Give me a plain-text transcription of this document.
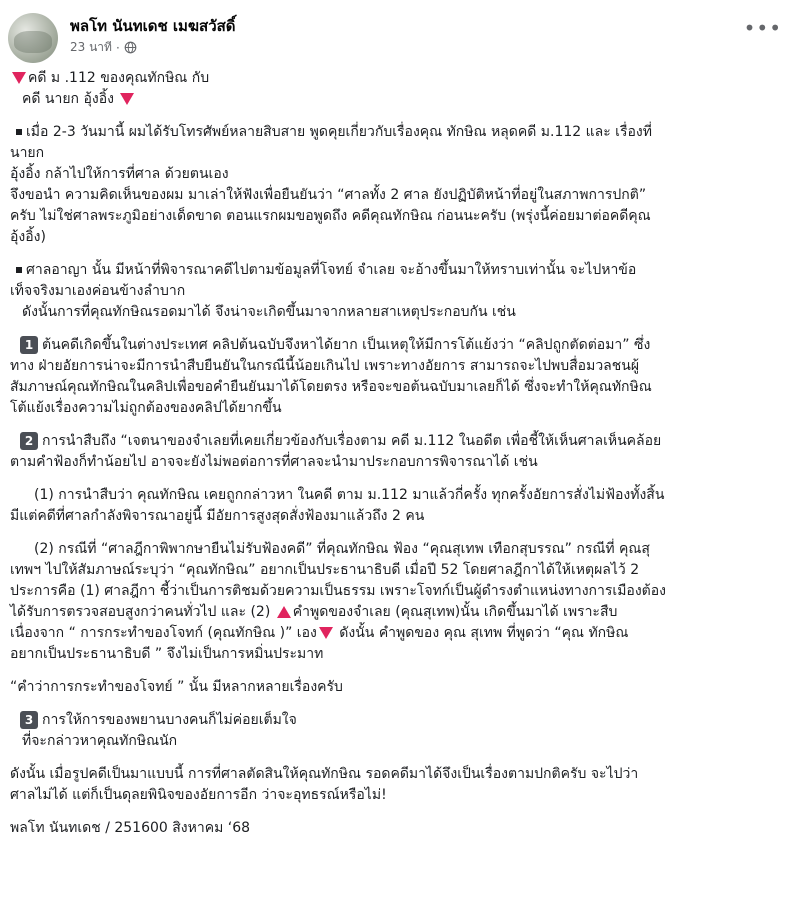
พลโท นันทเดช เมฆสวัสดิ์
23 นาที ·
•••
คดี ม .112 ของคุณทักษิณ กับ
คดี นายก อุ้งอิ้ง
เมื่อ 2-3 วันมานี้ ผมได้รับโทรศัพย์หลายสิบสาย พูดคุยเกี่ยวกับเรื่องคุณ ทักษิณ หลุดคดี ม.112 และ เรื่องที่
นายก
อุ้งอิ้ง กล้าไปให้การที่ศาล ด้วยตนเอง
จึงขอนำ ความคิดเห็นของผม มาเล่าให้ฟังเพื่อยืนยันว่า “ศาลทั้ง 2 ศาล ยังปฏิบัติหน้าที่อยู่ในสภาพการปกติ”
ครับ ไม่ใช่ศาลพระภูมิอย่างเด็ดขาด ตอนแรกผมขอพูดถึง คดีคุณทักษิณ ก่อนนะครับ (พรุ่งนี้ค่อยมาต่อคดีคุณ
อุ้งอิ้ง)
ศาลอาญา นั้น มีหน้าที่พิจารณาคดีไปตามข้อมูลที่โจทย์ จำเลย จะอ้างขึ้นมาให้ทราบเท่านั้น จะไปหาข้อ
เท็จจริงมาเองค่อนข้างลำบาก
ดังนั้นการที่คุณทักษิณรอดมาได้ จึงน่าจะเกิดขึ้นมาจากหลายสาเหตุประกอบกัน เช่น
1 ต้นคดีเกิดขึ้นในต่างประเทศ คลิปต้นฉบับจึงหาได้ยาก เป็นเหตุให้มีการโต้แย้งว่า “คลิปถูกตัดต่อมา” ซึ่ง
ทาง ฝ่ายอัยการน่าจะมีการนำสืบยืนยันในกรณีนี้น้อยเกินไป เพราะทางอัยการ สามารถจะไปพบสื่อมวลชนผู้
สัมภาษณ์คุณทักษิณในคลิปเพื่อขอคำยืนยันมาได้โดยตรง หรือจะขอต้นฉบับมาเลยก็ได้ ซึ่งจะทำให้คุณทักษิณ
โต้แย้งเรื่องความไม่ถูกต้องของคลิปได้ยากขึ้น
2 การนำสืบถึง “เจตนาของจำเลยที่เคยเกี่ยวข้องกับเรื่องตาม คดี ม.112 ในอดีต เพื่อชี้ให้เห็นศาลเห็นคล้อย
ตามคำฟ้องก็ทำน้อยไป อาจจะยังไม่พอต่อการที่ศาลจะนำมาประกอบการพิจารณาได้ เช่น
(1) การนำสืบว่า คุณทักษิณ เคยถูกกล่าวหา ในคดี ตาม ม.112 มาแล้วกี่ครั้ง ทุกครั้งอัยการสั่งไม่ฟ้องทั้งสิ้น
มีแต่คดีที่ศาลกำลังพิจารณาอยู่นี้ มีอัยการสูงสุดสั่งฟ้องมาแล้วถึง 2 คน
(2) กรณีที่ “ศาลฎีกาพิพากษายืนไม่รับฟ้องคดี” ที่คุณทักษิณ ฟ้อง “คุณสุเทพ เทือกสุบรรณ” กรณีที่ คุณสุ
เทพฯ ไปให้สัมภาษณ์ระบุว่า “คุณทักษิณ” อยากเป็นประธานาธิบดี เมื่อปี 52 โดยศาลฎีกาได้ให้เหตุผลไว้ 2
ประการคือ (1) ศาลฎีกา ชี้ว่าเป็นการติชมด้วยความเป็นธรรม เพราะโจทก์เป็นผู้ดำรงตำแหน่งทางการเมืองต้อง
ได้รับการตรวจสอบสูงกว่าคนทั่วไป และ (2) คำพูดของจำเลย (คุณสุเทพ)นั้น เกิดขึ้นมาได้ เพราะสืบ
เนื่องจาก “ การกระทำของโจทก์ (คุณทักษิณ )” เอง ดังนั้น คำพูดของ คุณ สุเทพ ที่พูดว่า “คุณ ทักษิณ
อยากเป็นประธานาธิบดี ” จึงไม่เป็นการหมิ่นประมาท
“คำว่าการกระทำของโจทย์ ” นั้น มีหลากหลายเรื่องครับ
3 การให้การของพยานบางคนก็ไม่ค่อยเต็มใจ
ที่จะกล่าวหาคุณทักษิณนัก
ดังนั้น เมื่อรูปคดีเป็นมาแบบนี้ การที่ศาลตัดสินให้คุณทักษิณ รอดคดีมาได้จึงเป็นเรื่องตามปกติครับ จะไปว่า
ศาลไม่ได้ แต่ก็เป็นดุลยพินิจของอัยการอีก ว่าจะอุทธรณ์หรือไม่!
พลโท นันทเดช / 251600 สิงหาคม ‘68
